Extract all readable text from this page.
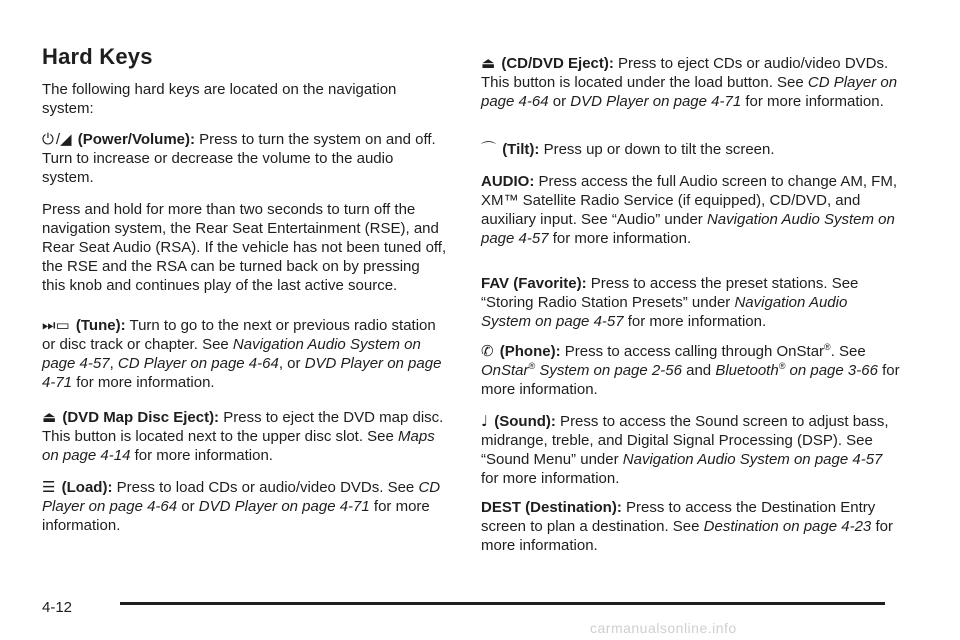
Hard Keys

The following hard keys are located on the navigation system:

⏻ /◢ (Power/Volume): Press to turn the system on and off. Turn to increase or decrease the volume to the audio system.

Press and hold for more than two seconds to turn off the navigation system, the Rear Seat Entertainment (RSE), and Rear Seat Audio (RSA). If the vehicle has not been tuned off, the RSE and the RSA can be turned back on by pressing this knob and continues play of the last active source.

⏭︎▭ (Tune): Turn to go to the next or previous radio station or disc track or chapter. See Navigation Audio System on page 4-57, CD Player on page 4-64, or DVD Player on page 4-71 for more information.

⏏ (DVD Map Disc Eject): Press to eject the DVD map disc. This button is located next to the upper disc slot. See Maps on page 4-14 for more information.

☰ (Load): Press to load CDs or audio/video DVDs. See CD Player on page 4-64 or DVD Player on page 4-71 for more information.

⏏ (CD/DVD Eject): Press to eject CDs or audio/video DVDs. This button is located under the load button. See CD Player on page 4-64 or DVD Player on page 4-71 for more information.

⌒ (Tilt): Press up or down to tilt the screen.

AUDIO: Press access the full Audio screen to change AM, FM, XM™ Satellite Radio Service (if equipped), CD/DVD, and auxiliary input. See “Audio” under Navigation Audio System on page 4-57 for more information.

FAV (Favorite): Press to access the preset stations. See “Storing Radio Station Presets” under Navigation Audio System on page 4-57 for more information.

✆ (Phone): Press to access calling through OnStar®. See OnStar® System on page 2-56 and Bluetooth® on page 3-66 for more information.

♩ (Sound): Press to access the Sound screen to adjust bass, midrange, treble, and Digital Signal Processing (DSP). See “Sound Menu” under Navigation Audio System on page 4-57 for more information.

DEST (Destination): Press to access the Destination Entry screen to plan a destination. See Destination on page 4-23 for more information.

4-12
carmanualsonline.info
